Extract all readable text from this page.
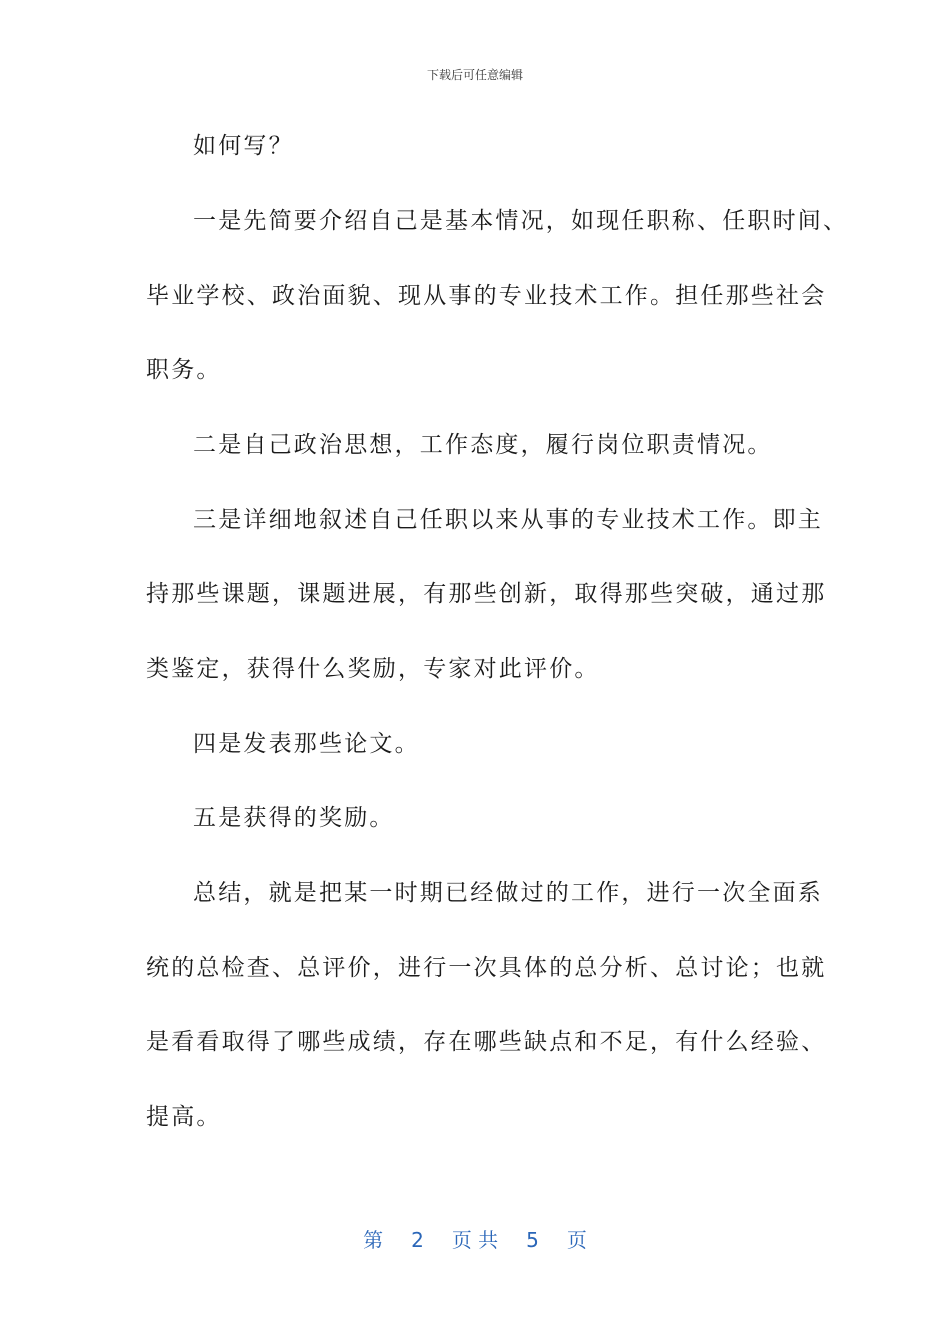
下载后可任意编辑
如何写？
一是先简要介绍自己是基本情况，如现任职称、任职时间、
毕业学校、政治面貌、现从事的专业技术工作。担任那些社会
职务。
二是自己政治思想，工作态度，履行岗位职责情况。
三是详细地叙述自己任职以来从事的专业技术工作。即主
持那些课题，课题进展，有那些创新，取得那些突破，通过那
类鉴定，获得什么奖励，专家对此评价。
四是发表那些论文。
五是获得的奖励。
总结，就是把某一时期已经做过的工作，进行一次全面系
统的总检查、总评价，进行一次具体的总分析、总讨论；也就
是看看取得了哪些成绩，存在哪些缺点和不足，有什么经验、
提高。
第 2 页 共 5 页
